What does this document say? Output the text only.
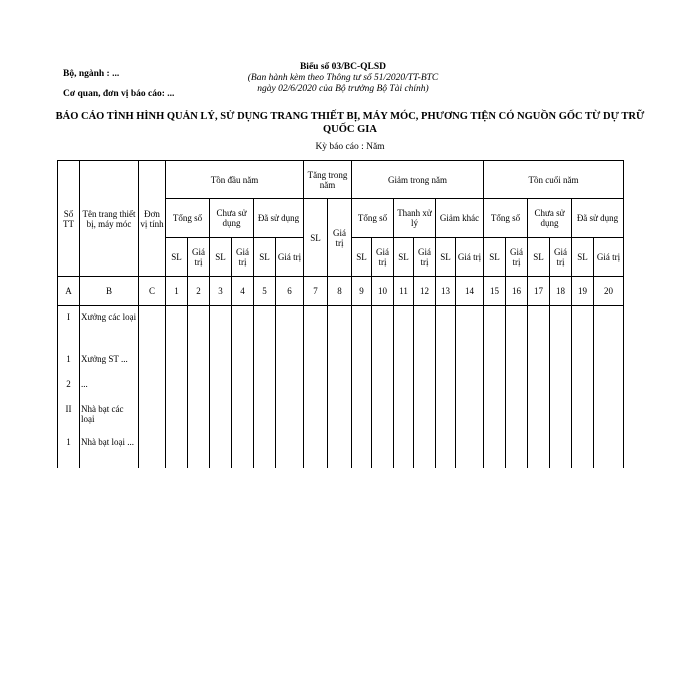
Bộ, ngành : ...
Cơ quan, đơn vị báo cáo: ...
Biểu số 03/BC-QLSD
(Ban hành kèm theo Thông tư số 51/2020/TT-BTC ngày 02/6/2020 của Bộ trưởng Bộ Tài chính)
BÁO CÁO TÌNH HÌNH QUẢN LÝ, SỬ DỤNG TRANG THIẾT BỊ, MÁY MÓC, PHƯƠNG TIỆN CÓ NGUỒN GỐC TỪ DỰ TRỮ QUỐC GIA
Kỳ báo cáo : Năm
Số TT	Tên trang thiết bị, máy móc	Đơn vị tính	Tồn đầu năm						Tăng trong năm		Giảm trong năm						Tồn cuối năm					
			Tổng số		Chưa sử dụng		Đã sử dụng		SL	Giá trị	Tổng số		Thanh xử lý		Giảm khác		Tổng số		Chưa sử dụng		Đã sử dụng	
			SL	Giá trị	SL	Giá trị	SL	Giá trị			SL	Giá trị	SL	Giá trị	SL	Giá trị	SL	Giá trị	SL	Giá trị	SL	Giá trị
A	B	C	1	2	3	4	5	6	7	8	9	10	11	12	13	14	15	16	17	18	19	20
I	Xưởng các loại																					
1	Xưởng ST ...																					
2	...																					
II	Nhà bạt các loại																					
1	Nhà bạt loại ...																					
